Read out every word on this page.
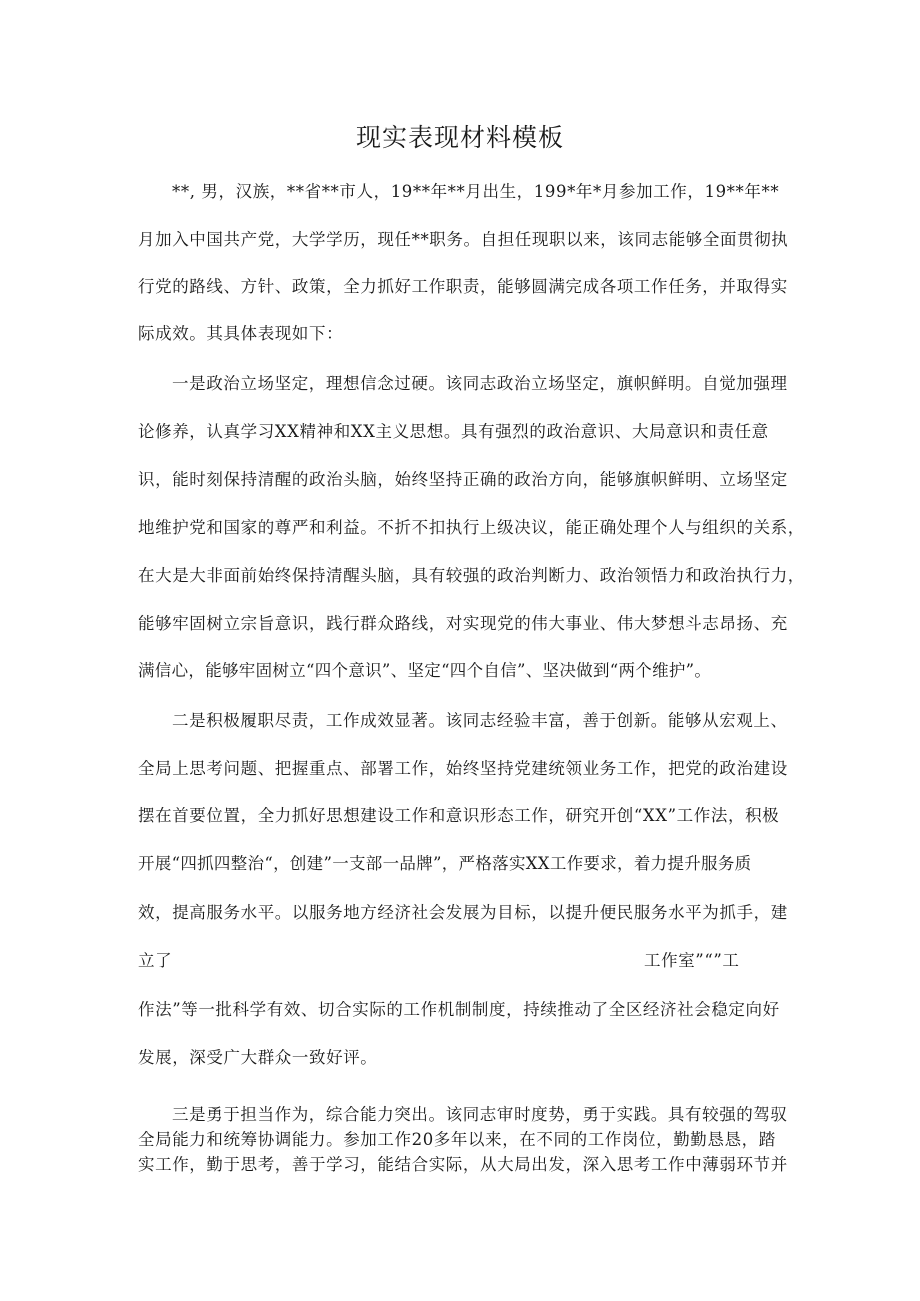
现实表现材料模板
**, 男，汉族，**省**市人，19**年**月出生，199*年*月参加工作，19**年**
月加入中国共产党，大学学历，现任**职务。自担任现职以来，该同志能够全面贯彻执
行党的路线、方针、政策，全力抓好工作职责，能够圆满完成各项工作任务，并取得实
际成效。其具体表现如下：
一是政治立场坚定，理想信念过硬。该同志政治立场坚定，旗帜鲜明。自觉加强理
论修养，认真学习XX精神和XX主义思想。具有强烈的政治意识、大局意识和责任意
识，能时刻保持清醒的政治头脑，始终坚持正确的政治方向，能够旗帜鲜明、立场坚定
地维护党和国家的尊严和利益。不折不扣执行上级决议，能正确处理个人与组织的关系，
在大是大非面前始终保持清醒头脑，具有较强的政治判断力、政治领悟力和政治执行力，
能够牢固树立宗旨意识，践行群众路线，对实现党的伟大事业、伟大梦想斗志昂扬、充
满信心，能够牢固树立“四个意识”、坚定“四个自信”、坚决做到“两个维护”。
二是积极履职尽责，工作成效显著。该同志经验丰富，善于创新。能够从宏观上、
全局上思考问题、把握重点、部署工作，始终坚持党建统领业务工作，把党的政治建设
摆在首要位置，全力抓好思想建设工作和意识形态工作，研究开创“XX”工作法，积极
开展“四抓四整治“，创建”一支部一品牌”，严格落实XX工作要求，着力提升服务质
效，提高服务水平。以服务地方经济社会发展为目标，以提升便民服务水平为抓手，建
立了	工作室”“”工
作法”等一批科学有效、切合实际的工作机制制度，持续推动了全区经济社会稳定向好
发展，深受广大群众一致好评。
三是勇于担当作为，综合能力突出。该同志审时度势，勇于实践。具有较强的驾驭
全局能力和统筹协调能力。参加工作20多年以来，在不同的工作岗位，勤勤恳恳，踏
实工作，勤于思考，善于学习，能结合实际，从大局出发，深入思考工作中薄弱环节并
